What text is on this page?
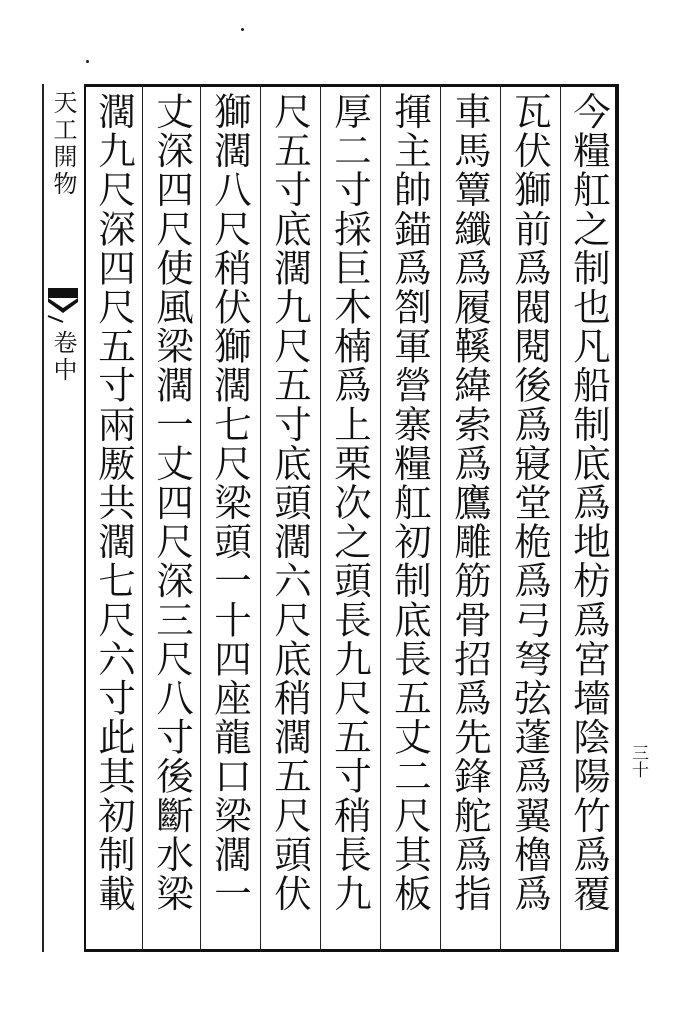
今糧舡之制也凡船制底爲地枋爲宮墻陰陽竹爲覆
瓦伏獅前爲閥閱後爲寢堂桅爲弓弩弦蓬爲翼櫓爲
車馬簟纖爲履鞵緯索爲鷹雕筋骨招爲先鋒舵爲指
揮主帥錨爲劄軍營寨糧舡初制底長五丈二尺其板
厚二寸採巨木楠爲上栗次之頭長九尺五寸稍長九
尺五寸底濶九尺五寸底頭濶六尺底稍濶五尺頭伏
獅濶八尺稍伏獅濶七尺梁頭一十四座龍口梁濶一
丈深四尺使風梁濶一丈四尺深三尺八寸後斷水梁
濶九尺深四尺五寸兩厫共濶七尺六寸此其初制載
天工開物
卷中
三十
